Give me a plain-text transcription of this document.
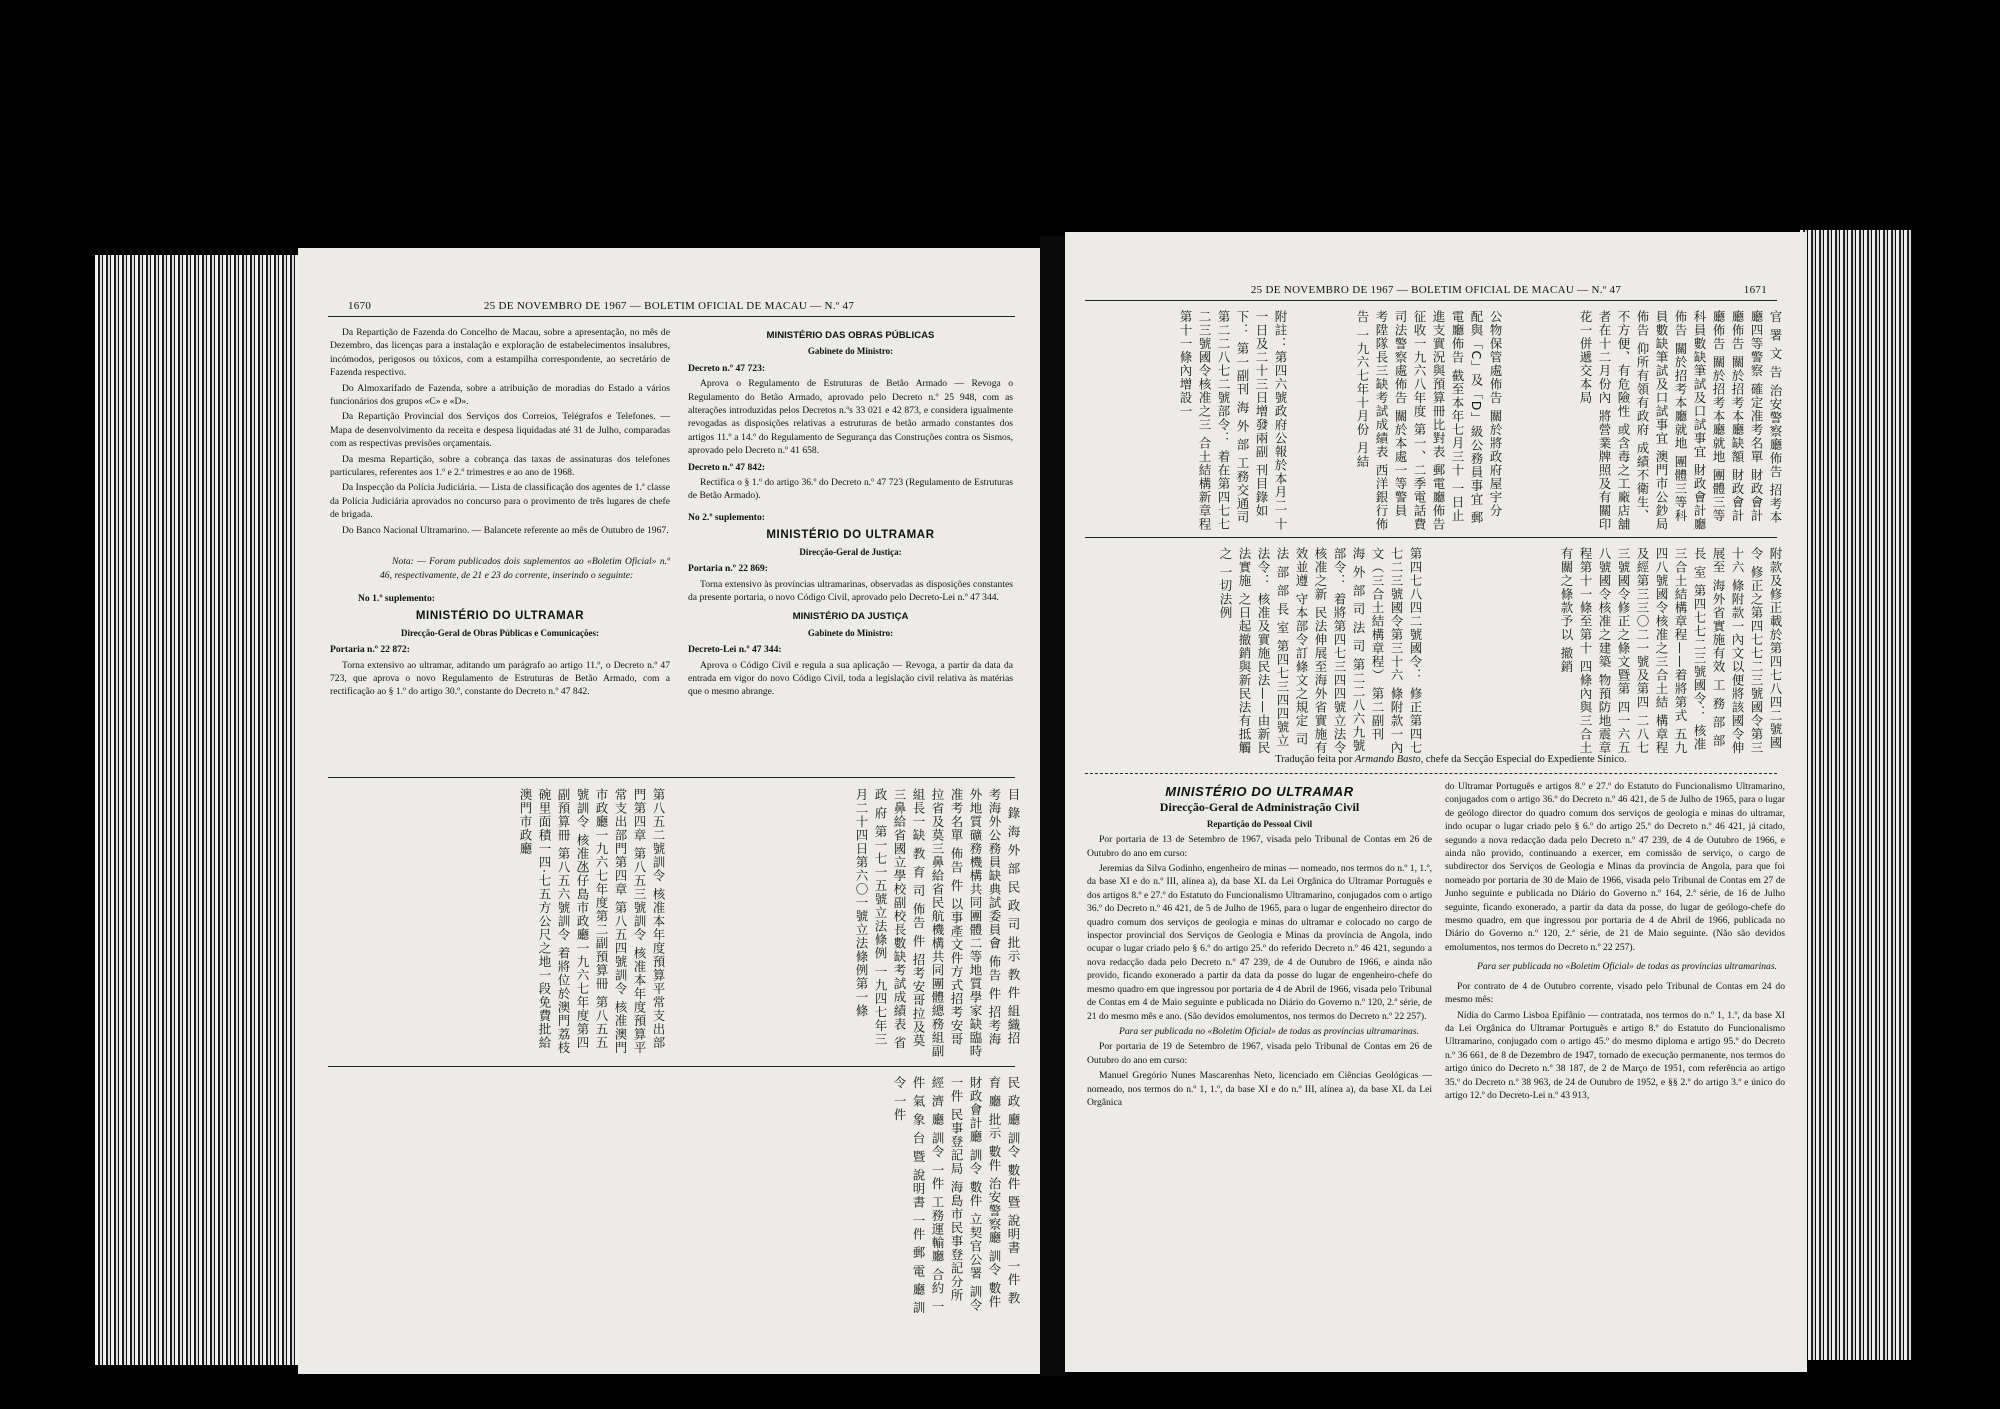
1670	25 DE NOVEMBRO DE 1967 — BOLETIM OFICIAL DE MACAU — N.º 47

Da Repartição de Fazenda do Concelho de Macau, sobre a apresentação, no mês de Dezembro, das licenças para a instalação e exploração de estabelecimentos insalubres, incómodos, perigosos ou tóxicos, com a estampilha correspondente, ao secretário de Fazenda respectivo.

Do Almoxarifado de Fazenda, sobre a atribuição de moradias do Estado a vários funcionários dos grupos «C» e «D».

Da Repartição Provincial dos Serviços dos Correios, Telégrafos e Telefones. — Mapa de desenvolvimento da receita e despesa liquidadas até 31 de Julho, comparadas com as respectivas previsões orçamentais.

Da mesma Repartição, sobre a cobrança das taxas de assinaturas dos telefones particulares, referentes aos 1.º e 2.º trimestres e ao ano de 1968.

Da Inspecção da Polícia Judiciária. — Lista de classificação dos agentes de 1.ª classe da Polícia Judiciária aprovados no concurso para o provimento de três lugares de chefe de brigada.

Do Banco Nacional Ultramarino. — Balancete referente ao mês de Outubro de 1967.

Nota: — Foram publicados dois suplementos ao «Boletim Oficial» n.º 46, respectivamente, de 21 e 23 do corrente, inserindo o seguinte:

No 1.º suplemento:

MINISTÉRIO DO ULTRAMAR

Direcção-Geral de Obras Públicas e Comunicações:

Portaria n.º 22 872:

Torna extensivo ao ultramar, aditando um parágrafo ao artigo 11.º, o Decreto n.º 47 723, que aprova o novo Regulamento de Estruturas de Betão Armado, com a rectificação ao § 1.º do artigo 30.º, constante do Decreto n.º 47 842.

MINISTÉRIO DAS OBRAS PÚBLICAS

Gabinete do Ministro:

Decreto n.º 47 723:

Aprova o Regulamento de Estruturas de Betão Armado — Revoga o Regulamento do Betão Armado, aprovado pelo Decreto n.º 25 948, com as alterações introduzidas pelos Decretos n.ºs 33 021 e 42 873, e considera igualmente revogadas as disposições relativas a estruturas de betão armado constantes dos artigos 11.º a 14.º do Regulamento de Segurança das Construções contra os Sismos, aprovado pelo Decreto n.º 41 658.

Decreto n.º 47 842:

Rectifica o § 1.º do artigo 36.º do Decreto n.º 47 723 (Regulamento de Estruturas de Betão Armado).

No 2.º suplemento:

MINISTÉRIO DO ULTRAMAR

Direcção-Geral de Justiça:

Portaria n.º 22 869:

Torna extensivo às províncias ultramarinas, observadas as disposições constantes da presente portaria, o novo Código Civil, aprovado pelo Decreto-Lei n.º 47 344.

MINISTÉRIO DA JUSTIÇA

Gabinete do Ministro:

Decreto-Lei n.º 47 344:

Aprova o Código Civil e regula a sua aplicação — Revoga, a partir da data da entrada em vigor do novo Código Civil, toda a legislação civil relativa às matérias que o mesmo abrange.

目 錄 海 外 部 民 政 司 批示 教 件 組織招考海外公務員缺典試委員會 佈告 件 招考海外地質礦務機構共同團體二等地質學家缺臨時准考名單 佈告 件 以事產文件方式招考安哥拉省及莫三鼻給省民航機構共同團體總務組副組長一缺 教 育 司 佈告 件 招考安哥拉及莫三鼻給省國立學校副校長數缺考試成績表 省 政 府 第一七一五號立法條例 一九四七年三月二十四日第六〇一號立法條例第一條
第八五二號訓令 核准本年度預算平常支出部門第四章 第八五三號訓令 核准本年度預算平常支出部門第四章 第八五四號訓令 核准澳門市政廳一九六七年度第二副預算冊 第八五五號訓令 核准氹仔島市政廳一九六七年度第四副預算冊 第八五六號訓令 着將位於澳門荔枝碗里面積一四·七五方公尺之地一段免費批給澳門市政廳
民 政 廳 訓令 數件 暨 說明書 一件 教 育 廳 批示 數件 治安警察廳 訓令 數件 財政會計廳 訓令 數件 立契官公署 訓令 一件 民事登記局 海島市民事登記分所 經 濟 廳 訓令 一件 工務運輸廳 合約 一件 氣 象 台 暨 說明書 一件 郵 電 廳 訓令 一件
25 DE NOVEMBRO DE 1967 — BOLETIM OFICIAL DE MACAU — N.º 47	1671
官 署 文 告 治安警察廳佈告 招考本廳四等警察 確定准考名單 財政會計廳佈告 關於招考本廳缺額 財政會計廳佈告 關於招考本廳就地 團體三等科員數缺筆試及口試事宜 財政會計廳佈告 關於招考本廳就地 團體三等科員數缺筆試及口試事宜 澳門市公鈔局佈告 仰所有領有政府 成績不衛生、不方便、有危險性 或含毒之工廠店舖者在十二月份內 將營業牌照及有關印花一併遞交本局
公物保管處佈告 關於將政府屋宇分 配與「C」及「D」級公務員事宜 郵電廳佈告 截至本年七月三十 一日止進支實況與預算冊比對表 郵電廳佈告 征收一九六八年度 第一、二季電話費 司法警察處佈告 關於本處一等警員 考陞隊長三缺考試成績表 西洋銀行佈告 一九六七年十月份 月結
附註：第四六號政府公報於本月二 十一日及二十三日增發兩副 刊目錄如下： 第一副刊 海 外 部 工務交通司 第二二八七二號部令： 着在第四七七二三號國令核准之三 合土結構新章程第十一條內增設一
附款及修正載於第四七八四二號國令 修正之第四七七二三號國令第三十六 條附款一內文以便將該國令伸展至 海外省實施有效 工 務 部 部 長 室 第四七七二三號國令： 核准三合土結構章程——着將第式 五九四八號國令核准之三合土結 構章程及經第三三〇二一號及第四 二八七三號國令修正之條文暨第 四一六五八號國令核准之建築 物預防地震章程第十一條至第十 四條內與三合土有關之條款予以 撤銷
第四七八四二號國令： 修正第四七七二三號國令第三十六 條附款一內文（三合土結構章程） 第二副刊 海 外 部 司 法 司 第二二八六九號部令： 着將第四七三四四號立法令核准之新 民法伸展至海外省實施有效並遵 守本部令訂條文之規定 司 法 部 部 長 室 第四七三四四號立法令： 核准及實施民法——由新民法實施 之日起撤銷與新民法有抵觸之 一切法例
Tradução feita por Armando Basto, chefe da Secção Especial do Expediente Sínico.

MINISTÉRIO DO ULTRAMAR

Direcção-Geral de Administração Civil

Repartição do Pessoal Civil

Por portaria de 13 de Setembro de 1967, visada pelo Tribunal de Contas em 26 de Outubro do ano em curso:

Jeremias da Silva Godinho, engenheiro de minas — nomeado, nos termos do n.º 1, 1.º, da base XI e do n.º III, alínea a), da base XL da Lei Orgânica do Ultramar Português e dos artigos 8.º e 27.º do Estatuto do Funcionalismo Ultramarino, conjugados com o artigo 36.º do Decreto n.º 46 421, de 5 de Julho de 1965, para o lugar de engenheiro director do quadro comum dos serviços de geologia e minas do ultramar e colocado no cargo de inspector provincial dos Serviços de Geologia e Minas da província de Angola, indo ocupar o lugar criado pelo § 6.º do artigo 25.º do referido Decreto n.º 46 421, segundo a nova redacção dada pelo Decreto n.º 47 239, de 4 de Outubro de 1966, e ainda não provido, ficando exonerado a partir da data da posse do lugar de engenheiro-chefe do mesmo quadro em que ingressou por portaria de 4 de Abril de 1966, visada pelo Tribunal de Contas em 4 de Maio seguinte e publicada no Diário do Governo n.º 120, 2.ª série, de 21 do mesmo mês e ano. (São devidos emolumentos, nos termos do Decreto n.º 22 257).

Para ser publicada no «Boletim Oficial» de todas as províncias ultramarinas.

Por portaria de 19 de Setembro de 1967, visada pelo Tribunal de Contas em 26 de Outubro do ano em curso:

Manuel Gregório Nunes Mascarenhas Neto, licenciado em Ciências Geológicas — nomeado, nos termos do n.º 1, 1.º, da base XI e do n.º III, alínea a), da base XL da Lei Orgânica

do Ultramar Português e artigos 8.º e 27.º do Estatuto do Funcionalismo Ultramarino, conjugados com o artigo 36.º do Decreto n.º 46 421, de 5 de Julho de 1965, para o lugar de geólogo director do quadro comum dos serviços de geologia e minas do ultramar, indo ocupar o lugar criado pelo § 6.º do artigo 25.º do Decreto n.º 46 421, já citado, segundo a nova redacção dada pelo Decreto n.º 47 239, de 4 de Outubro de 1966, e ainda não provido, continuando a exercer, em comissão de serviço, o cargo de subdirector dos Serviços de Geologia e Minas da província de Angola, para que foi nomeado por portaria de 30 de Maio de 1966, visada pelo Tribunal de Contas em 27 de Junho seguinte e publicada no Diário do Governo n.º 164, 2.ª série, de 16 de Julho seguinte, ficando exonerado, a partir da data da posse, do lugar de geólogo-chefe do mesmo quadro, em que ingressou por portaria de 4 de Abril de 1966, publicada no Diário do Governo n.º 120, 2.ª série, de 21 de Maio seguinte. (Não são devidos emolumentos, nos termos do Decreto n.º 22 257).

Para ser publicada no «Boletim Oficial» de todas as províncias ultramarinas.

Por contrato de 4 de Outubro corrente, visado pelo Tribunal de Contas em 24 do mesmo mês:

Nídia do Carmo Lisboa Epifânio — contratada, nos termos do n.º 1, 1.º, da base XI da Lei Orgânica do Ultramar Português e artigo 8.º do Estatuto do Funcionalismo Ultramarino, conjugado com o artigo 45.º do mesmo diploma e artigo 95.º do Decreto n.º 36 661, de 8 de Dezembro de 1947, tornado de execução permanente, nos termos do artigo único do Decreto n.º 38 187, de 2 de Março de 1951, com referência ao artigo 35.º do Decreto n.º 38 963, de 24 de Outubro de 1952, e §§ 2.º do artigo 3.º e único do artigo 12.º do Decreto-Lei n.º 43 913,
